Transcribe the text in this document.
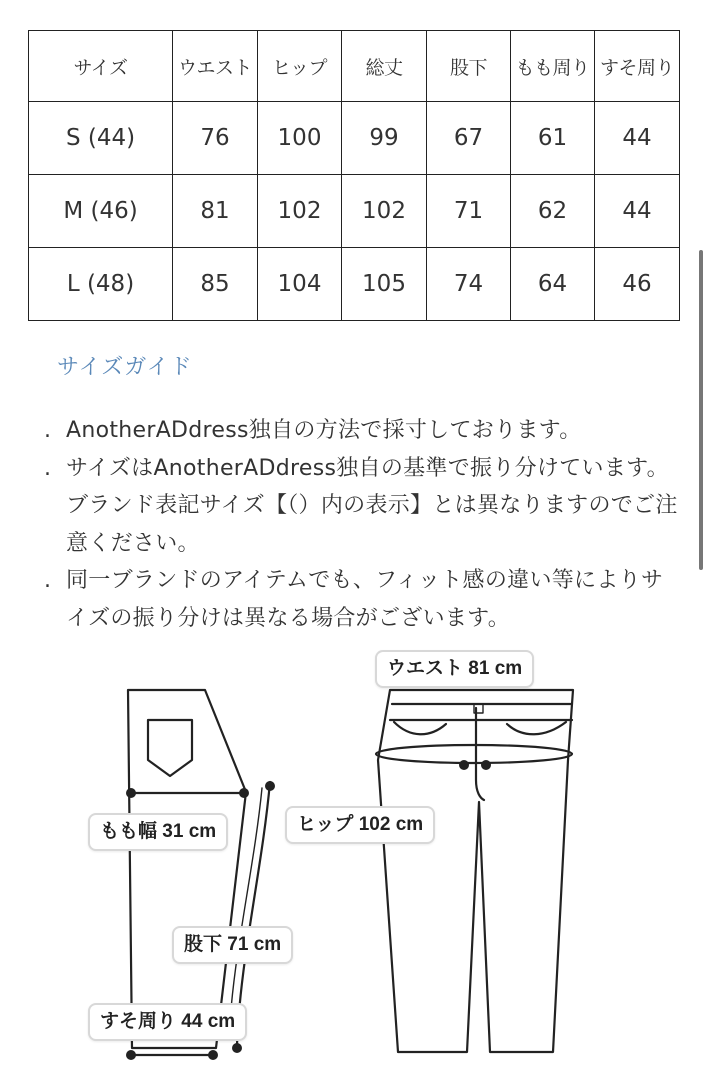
サイズ	ウエスト	ヒップ	総丈	股下	もも周り	すそ周り
S (44)	76	100	99	67	61	44
M (46)	81	102	102	71	62	44
L (48)	85	104	105	74	64	46
サイズガイド
. AnotherADdress独自の方法で採寸しております。
. サイズはAnotherADdress独自の基準で振り分けています。ブランド表記サイズ【（）内の表示】とは異なりますのでご注意ください。
. 同一ブランドのアイテムでも、フィット感の違い等によりサイズの振り分けは異なる場合がございます。
ウエスト 81 cm
ヒップ 102 cm
もも幅 31 cm
股下 71 cm
すそ周り 44 cm
